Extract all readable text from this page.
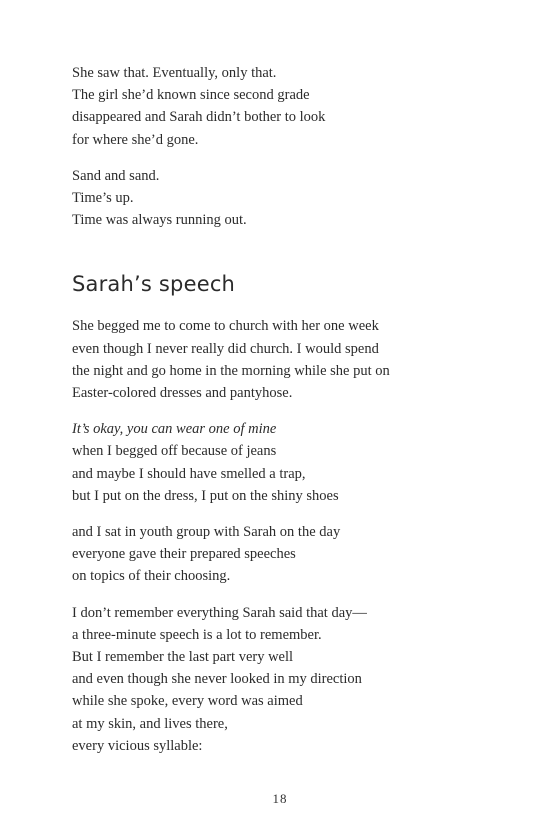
She saw that. Eventually, only that.
The girl she’d known since second grade
disappeared and Sarah didn’t bother to look
for where she’d gone.
Sand and sand.
Time’s up.
Time was always running out.
Sarah’s speech
She begged me to come to church with her one week
even though I never really did church. I would spend
the night and go home in the morning while she put on
Easter-colored dresses and pantyhose.
It’s okay, you can wear one of mine
when I begged off because of jeans
and maybe I should have smelled a trap,
but I put on the dress, I put on the shiny shoes
and I sat in youth group with Sarah on the day
everyone gave their prepared speeches
on topics of their choosing.
I don’t remember everything Sarah said that day—
a three-minute speech is a lot to remember.
But I remember the last part very well
and even though she never looked in my direction
while she spoke, every word was aimed
at my skin, and lives there,
every vicious syllable:
18
